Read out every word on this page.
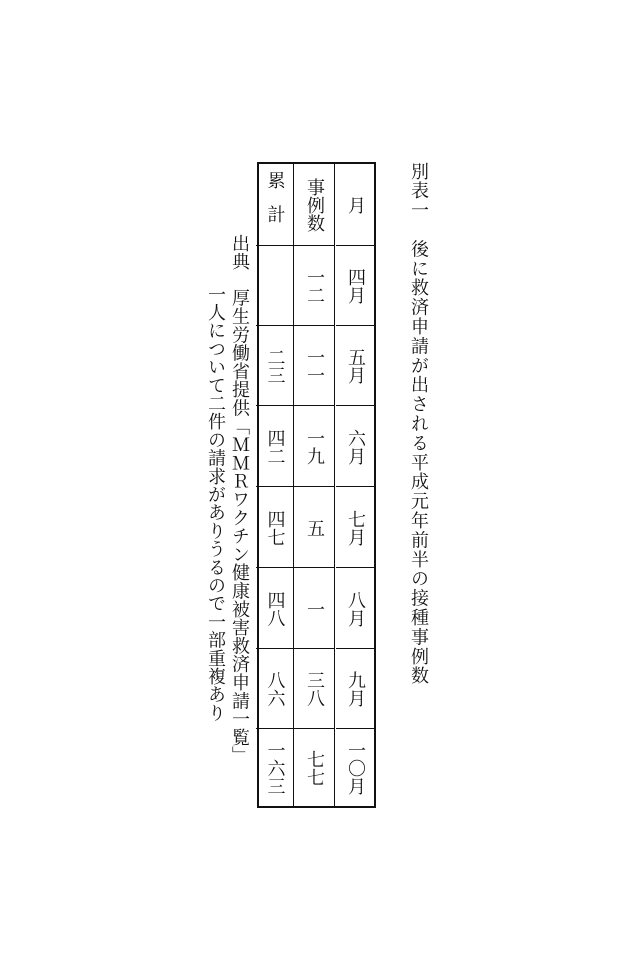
別表一　後に救済申請が出される平成元年前半の接種事例数
月
四月
五月
六月
七月
八月
九月
一〇月
事例数
一二
一一
一九
五
一
三八
七七
累計
二三
四二
四七
四八
八六
一六三
出典　厚生労働省提供「ＭＭＲワクチン健康被害救済申請一覧」
一人について二件の請求がありうるので一部重複あり
